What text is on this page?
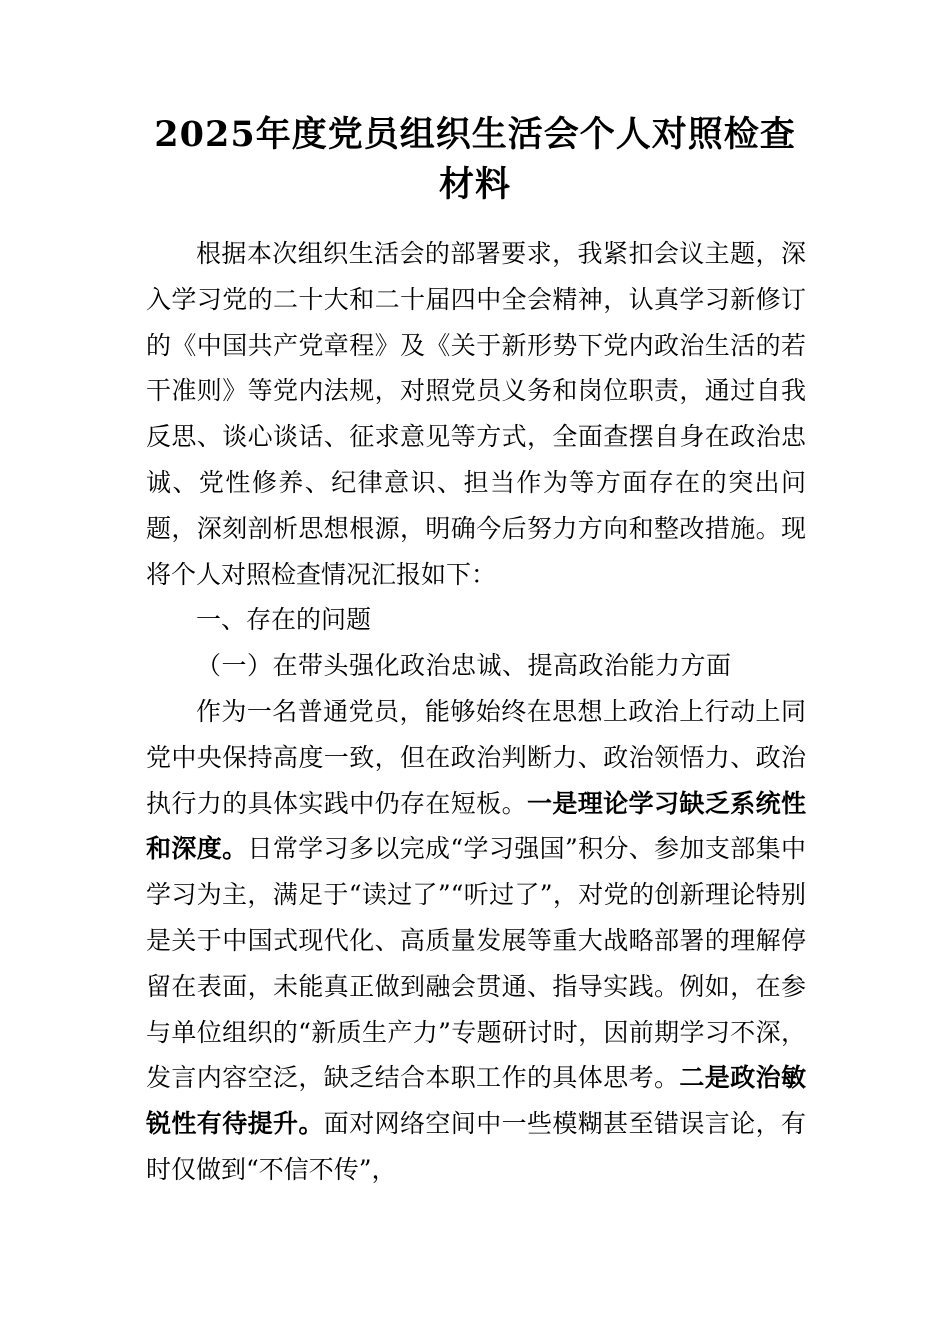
2025年度党员组织生活会个人对照检查材料

根据本次组织生活会的部署要求，我紧扣会议主题，深入学习党的二十大和二十届四中全会精神，认真学习新修订的《中国共产党章程》及《关于新形势下党内政治生活的若干准则》等党内法规，对照党员义务和岗位职责，通过自我反思、谈心谈话、征求意见等方式，全面查摆自身在政治忠诚、党性修养、纪律意识、担当作为等方面存在的突出问题，深刻剖析思想根源，明确今后努力方向和整改措施。现将个人对照检查情况汇报如下：

一、存在的问题

（一）在带头强化政治忠诚、提高政治能力方面

作为一名普通党员，能够始终在思想上政治上行动上同党中央保持高度一致，但在政治判断力、政治领悟力、政治执行力的具体实践中仍存在短板。一是理论学习缺乏系统性和深度。日常学习多以完成“学习强国”积分、参加支部集中学习为主，满足于“读过了”“听过了”，对党的创新理论特别是关于中国式现代化、高质量发展等重大战略部署的理解停留在表面，未能真正做到融会贯通、指导实践。例如，在参与单位组织的“新质生产力”专题研讨时，因前期学习不深，发言内容空泛，缺乏结合本职工作的具体思考。二是政治敏锐性有待提升。面对网络空间中一些模糊甚至错误言论，有时仅做到“不信不传”，
